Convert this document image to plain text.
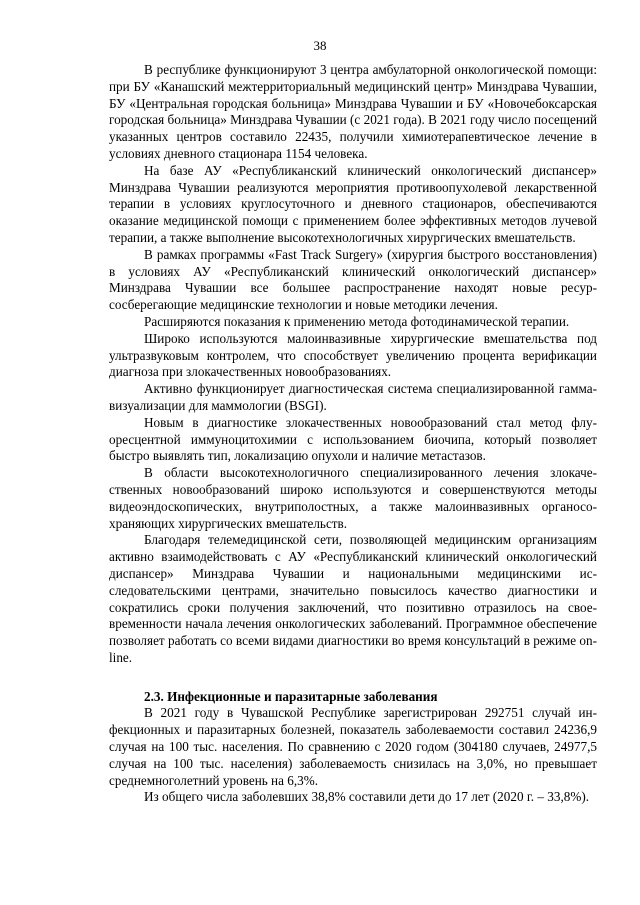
38

В республике функционируют 3 центра амбулаторной онкологической помощи: при БУ «Канашский межтерриториальный медицинский центр» Минздрава Чувашии, БУ «Центральная городская больница» Минздрава Чувашии и БУ «Новочебоксарская городская больница» Минздрава Чувашии (с 2021 года). В 2021 году число посещений указанных центров составило 22435, получили химиотерапевтическое лечение в условиях дневного стационара 1154 человека.

На базе АУ «Республиканский клинический онкологический диспансер» Минздрава Чувашии реализуются мероприятия противоопухолевой лекарственной терапии в условиях круглосуточного и дневного стационаров, обеспечиваются оказание медицинской помощи с применением более эффективных методов лучевой терапии, а также выполнение высокотехнологичных хирургических вмешательств.

В рамках программы «Fast Track Surgery» (хирургия быстрого восстановления) в условиях АУ «Республиканский клинический онкологический диспансер» Минздрава Чувашии все большее распространение находят новые ресурсосберегающие медицинские технологии и новые методики лечения.

Расширяются показания к применению метода фотодинамической терапии.

Широко используются малоинвазивные хирургические вмешательства под ультразвуковым контролем, что способствует увеличению процента верификации диагноза при злокачественных новообразованиях.

Активно функционирует диагностическая система специализированной гамма-визуализации для маммологии (BSGI).

Новым в диагностике злокачественных новообразований стал метод флуоресцентной иммуноцитохимии с использованием биочипа, который позволяет быстро выявлять тип, локализацию опухоли и наличие метастазов.

В области высокотехнологичного специализированного лечения злокачественных новообразований широко используются и совершенствуются методы видеоэндоскопических, внутриполостных, а также малоинвазивных органосохраняющих хирургических вмешательств.

Благодаря телемедицинской сети, позволяющей медицинским организациям активно взаимодействовать с АУ «Республиканский клинический онкологический диспансер» Минздрава Чувашии и национальными медицинскими исследовательскими центрами, значительно повысилось качество диагностики и сократились сроки получения заключений, что позитивно отразилось на своевременности начала лечения онкологических заболеваний. Программное обеспечение позволяет работать со всеми видами диагностики во время консультаций в режиме on-line.

2.3. Инфекционные и паразитарные заболевания

В 2021 году в Чувашской Республике зарегистрирован 292751 случай инфекционных и паразитарных болезней, показатель заболеваемости составил 24236,9 случая на 100 тыс. населения. По сравнению с 2020 годом (304180 случаев, 24977,5 случая на 100 тыс. населения) заболеваемость снизилась на 3,0%, но превышает среднемноголетний уровень на 6,3%.

Из общего числа заболевших 38,8% составили дети до 17 лет (2020 г. – 33,8%).
